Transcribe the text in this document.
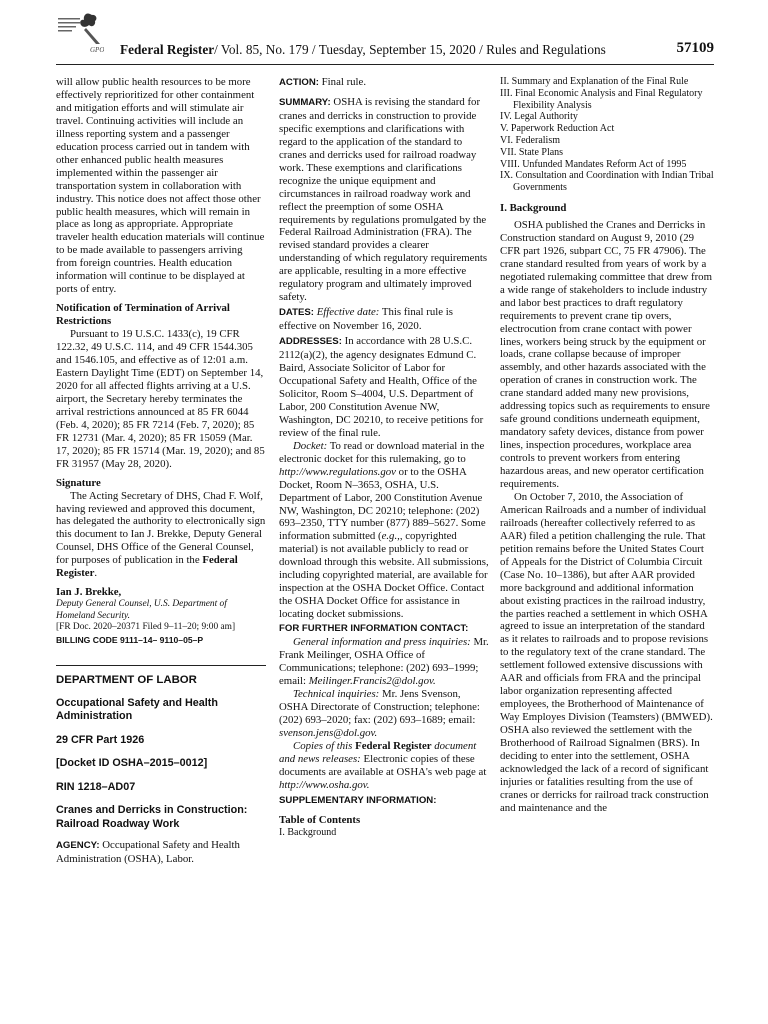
GPO Federal Register/ Vol. 85, No. 179 / Tuesday, September 15, 2020 / Rules and Regulations	57109

will allow public health resources to be more effectively reprioritized for other containment and mitigation efforts and will stimulate air travel. Continuing activities will include an illness reporting system and a passenger education process carried out in tandem with other enhanced public health measures implemented within the passenger air transportation system in collaboration with industry. This notice does not affect those other public health measures, which will remain in place as long as appropriate. Appropriate traveler health education materials will continue to be made available to passengers arriving from foreign countries. Health education information will continue to be displayed at ports of entry.

Notification of Termination of Arrival Restrictions

Pursuant to 19 U.S.C. 1433(c), 19 CFR 122.32, 49 U.S.C. 114, and 49 CFR 1544.305 and 1546.105, and effective as of 12:01 a.m. Eastern Daylight Time (EDT) on September 14, 2020 for all affected flights arriving at a U.S. airport, the Secretary hereby terminates the arrival restrictions announced at 85 FR 6044 (Feb. 4, 2020); 85 FR 7214 (Feb. 7, 2020); 85 FR 12731 (Mar. 4, 2020); 85 FR 15059 (Mar. 17, 2020); 85 FR 15714 (Mar. 19, 2020); and 85 FR 31957 (May 28, 2020).

Signature

The Acting Secretary of DHS, Chad F. Wolf, having reviewed and approved this document, has delegated the authority to electronically sign this document to Ian J. Brekke, Deputy General Counsel, DHS Office of the General Counsel, for purposes of publication in the Federal Register.

Ian J. Brekke,

Deputy General Counsel, U.S. Department of Homeland Security.

[FR Doc. 2020–20371 Filed 9–11–20; 9:00 am]

BILLING CODE 9111–14– 9110–05–P

DEPARTMENT OF LABOR

Occupational Safety and Health Administration

29 CFR Part 1926

[Docket ID OSHA–2015–0012]

RIN 1218–AD07

Cranes and Derricks in Construction: Railroad Roadway Work

AGENCY: Occupational Safety and Health Administration (OSHA), Labor.

ACTION: Final rule.

SUMMARY: OSHA is revising the standard for cranes and derricks in construction to provide specific exemptions and clarifications with regard to the application of the standard to cranes and derricks used for railroad roadway work. These exemptions and clarifications recognize the unique equipment and circumstances in railroad roadway work and reflect the preemption of some OSHA requirements by regulations promulgated by the Federal Railroad Administration (FRA). The revised standard provides a clearer understanding of which regulatory requirements are applicable, resulting in a more effective regulatory program and ultimately improved safety.

DATES: Effective date: This final rule is effective on November 16, 2020.

ADDRESSES: In accordance with 28 U.S.C. 2112(a)(2), the agency designates Edmund C. Baird, Associate Solicitor of Labor for Occupational Safety and Health, Office of the Solicitor, Room S–4004, U.S. Department of Labor, 200 Constitution Avenue NW, Washington, DC 20210, to receive petitions for review of the final rule.

Docket: To read or download material in the electronic docket for this rulemaking, go to http://www.regulations.gov or to the OSHA Docket, Room N–3653, OSHA, U.S. Department of Labor, 200 Constitution Avenue NW, Washington, DC 20210; telephone: (202) 693–2350, TTY number (877) 889–5627. Some information submitted (e.g.,, copyrighted material) is not available publicly to read or download through this website. All submissions, including copyrighted material, are available for inspection at the OSHA Docket Office. Contact the OSHA Docket Office for assistance in locating docket submissions.

FOR FURTHER INFORMATION CONTACT:

General information and press inquiries: Mr. Frank Meilinger, OSHA Office of Communications; telephone: (202) 693–1999; email: Meilinger.Francis2@dol.gov.

Technical inquiries: Mr. Jens Svenson, OSHA Directorate of Construction; telephone: (202) 693–2020; fax: (202) 693–1689; email: svenson.jens@dol.gov.

Copies of this Federal Register document and news releases: Electronic copies of these documents are available at OSHA's web page at http://www.osha.gov.

SUPPLEMENTARY INFORMATION:

Table of Contents

I. Background

II. Summary and Explanation of the Final Rule
III. Final Economic Analysis and Final Regulatory Flexibility Analysis
IV. Legal Authority
V. Paperwork Reduction Act
VI. Federalism
VII. State Plans
VIII. Unfunded Mandates Reform Act of 1995
IX. Consultation and Coordination with Indian Tribal Governments

I. Background

OSHA published the Cranes and Derricks in Construction standard on August 9, 2010 (29 CFR part 1926, subpart CC, 75 FR 47906). The crane standard resulted from years of work by a negotiated rulemaking committee that drew from a wide range of stakeholders to include industry and labor best practices to draft regulatory requirements to prevent crane tip overs, electrocution from crane contact with power lines, workers being struck by the equipment or loads, crane collapse because of improper assembly, and other hazards associated with the operation of cranes in construction work. The crane standard added many new provisions, addressing topics such as requirements to ensure safe ground conditions underneath equipment, mandatory safety devices, distance from power lines, inspection procedures, workplace area controls to prevent workers from entering hazardous areas, and new operator certification requirements.

On October 7, 2010, the Association of American Railroads and a number of individual railroads (hereafter collectively referred to as AAR) filed a petition challenging the rule. That petition remains before the United States Court of Appeals for the District of Columbia Circuit (Case No. 10–1386), but after AAR provided more background and additional information about existing practices in the railroad industry, the parties reached a settlement in which OSHA agreed to issue an interpretation of the standard as it relates to railroads and to propose revisions to the regulatory text of the crane standard. The settlement followed extensive discussions with AAR and officials from FRA and the principal labor organization representing affected employees, the Brotherhood of Maintenance of Way Employes Division (Teamsters) (BMWED). OSHA also reviewed the settlement with the Brotherhood of Railroad Signalmen (BRS). In deciding to enter into the settlement, OSHA acknowledged the lack of a record of significant injuries or fatalities resulting from the use of cranes or derricks for railroad track construction and maintenance and the
